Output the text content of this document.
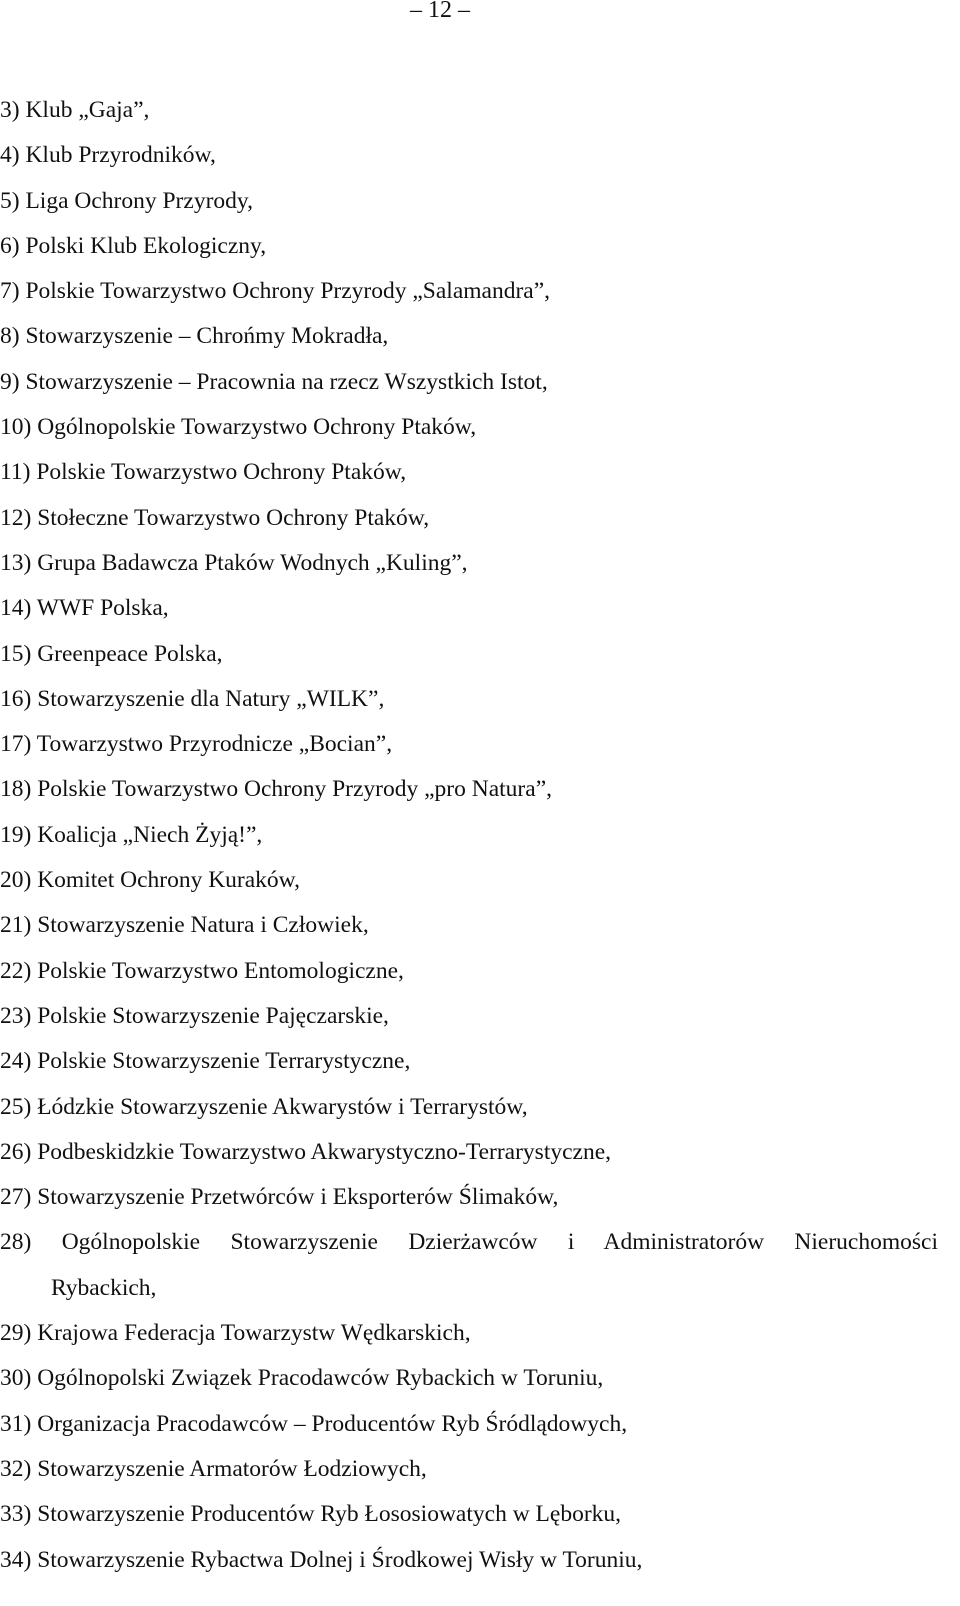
– 12 –
3) Klub „Gaja”,
4) Klub Przyrodników,
5) Liga Ochrony Przyrody,
6) Polski Klub Ekologiczny,
7) Polskie Towarzystwo Ochrony Przyrody „Salamandra”,
8) Stowarzyszenie – Chrońmy Mokradła,
9) Stowarzyszenie – Pracownia na rzecz Wszystkich Istot,
10) Ogólnopolskie Towarzystwo Ochrony Ptaków,
11) Polskie Towarzystwo Ochrony Ptaków,
12) Stołeczne Towarzystwo Ochrony Ptaków,
13) Grupa Badawcza Ptaków Wodnych „Kuling”,
14) WWF Polska,
15) Greenpeace Polska,
16) Stowarzyszenie dla Natury „WILK”,
17) Towarzystwo Przyrodnicze „Bocian”,
18) Polskie Towarzystwo Ochrony Przyrody „pro Natura”,
19) Koalicja „Niech Żyją!”,
20) Komitet Ochrony Kuraków,
21) Stowarzyszenie Natura i Człowiek,
22) Polskie Towarzystwo Entomologiczne,
23) Polskie Stowarzyszenie Pajęczarskie,
24) Polskie Stowarzyszenie Terrarystyczne,
25) Łódzkie Stowarzyszenie Akwarystów i Terrarystów,
26) Podbeskidzkie Towarzystwo Akwarystyczno-Terrarystyczne,
27) Stowarzyszenie Przetwórców i Eksporterów Ślimaków,
28) Ogólnopolskie Stowarzyszenie Dzierżawców i Administratorów Nieruchomości
Rybackich,
29) Krajowa Federacja Towarzystw Wędkarskich,
30) Ogólnopolski Związek Pracodawców Rybackich w Toruniu,
31) Organizacja Pracodawców – Producentów Ryb Śródlądowych,
32) Stowarzyszenie Armatorów Łodziowych,
33) Stowarzyszenie Producentów Ryb Łososiowatych w Lęborku,
34) Stowarzyszenie Rybactwa Dolnej i Środkowej Wisły w Toruniu,
